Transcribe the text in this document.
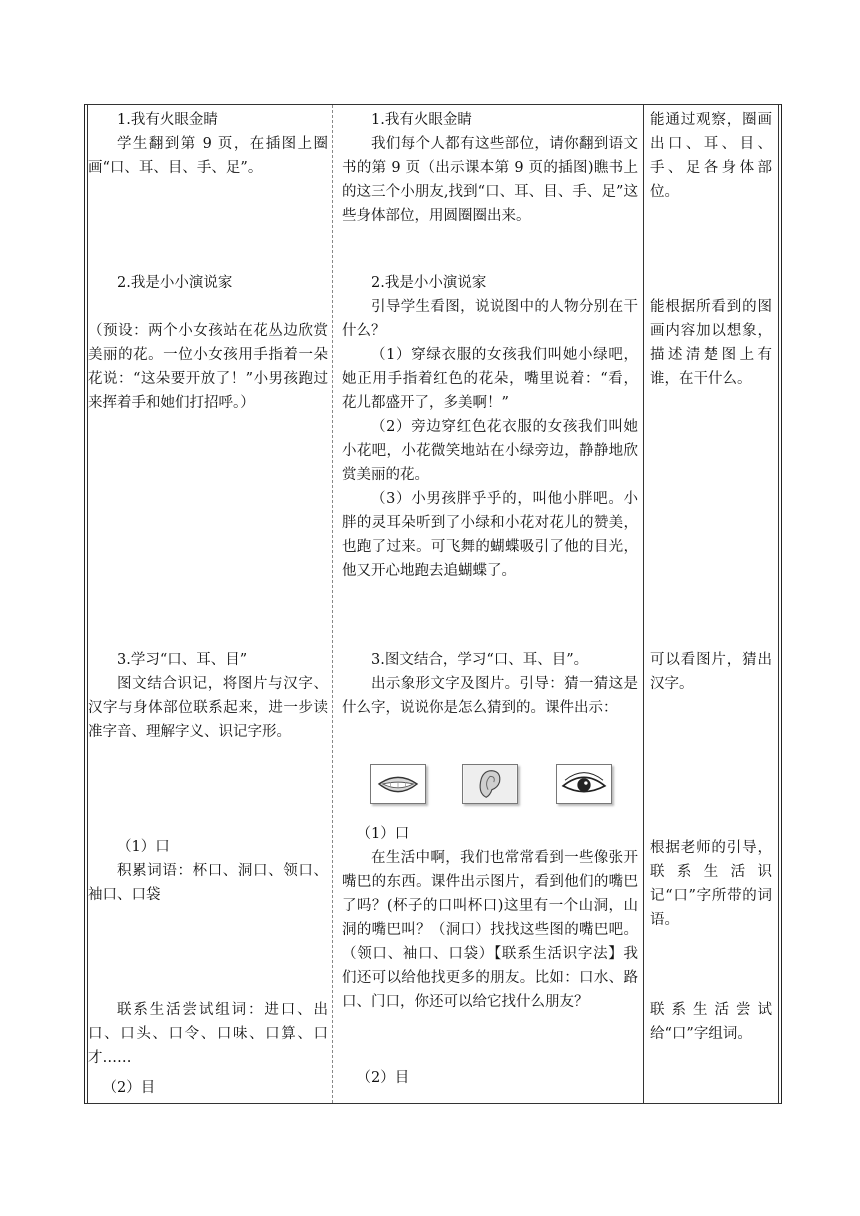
1.我有火眼金睛

学生翻到第 9 页，在插图上圈画“口、耳、目、手、足”。

1.我有火眼金睛

我们每个人都有这些部位，请你翻到语文书的第 9 页（出示课本第 9 页的插图)瞧书上的这三个小朋友,找到“口、耳、目、手、足”这些身体部位，用圆圈圈出来。

能通过观察，圈画出口、耳、目、手、足各身体部位。

2.我是小小演说家

（预设：两个小女孩站在花丛边欣赏美丽的花。一位小女孩用手指着一朵花说：“这朵要开放了！”小男孩跑过来挥着手和她们打招呼。）

2.我是小小演说家

引导学生看图，说说图中的人物分别在干什么？

（1）穿绿衣服的女孩我们叫她小绿吧，她正用手指着红色的花朵，嘴里说着：“看，花儿都盛开了，多美啊！”

（2）旁边穿红色花衣服的女孩我们叫她小花吧，小花微笑地站在小绿旁边，静静地欣赏美丽的花。

（3）小男孩胖乎乎的，叫他小胖吧。小胖的灵耳朵听到了小绿和小花对花儿的赞美，也跑了过来。可飞舞的蝴蝶吸引了他的目光，他又开心地跑去追蝴蝶了。

能根据所看到的图画内容加以想象，描述清楚图上有谁，在干什么。

3.学习“口、耳、目”

图文结合识记，将图片与汉字、汉字与身体部位联系起来，进一步读准字音、理解字义、识记字形。

3.图文结合，学习“口、耳、目”。

出示象形文字及图片。引导：猜一猜这是什么字，说说你是怎么猜到的。课件出示：

可以看图片，猜出汉字。

（1）口

积累词语：杯口、洞口、领口、袖口、口袋

（1）口

在生活中啊，我们也常常看到一些像张开嘴巴的东西。课件出示图片，看到他们的嘴巴了吗？(杯子的口叫杯口)这里有一个山洞，山洞的嘴巴叫？（洞口）找找这些图的嘴巴吧。（领口、袖口、口袋）【联系生活识字法】我们还可以给他找更多的朋友。比如：口水、路口、门口，你还可以给它找什么朋友？

根据老师的引导，联系生活识记“口”字所带的词语。

联系生活尝试组词：进口、出口、口头、口令、口味、口算、口才……

（2）目

（2）目

联系生活尝试给“口”字组词。
